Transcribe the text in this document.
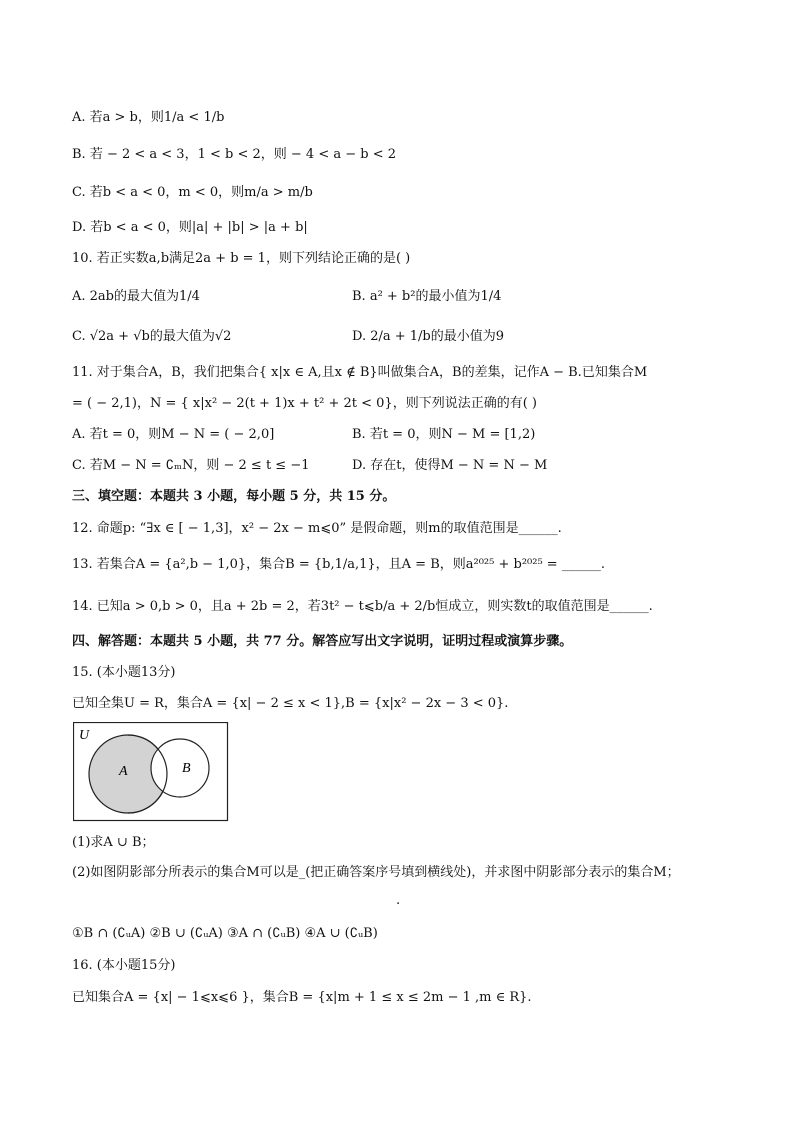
A. 若a > b，则1/a < 1/b
B. 若 − 2 < a < 3，1 < b < 2，则 − 4 < a − b < 2
C. 若b < a < 0，m < 0，则m/a > m/b
D. 若b < a < 0，则|a| + |b| > |a + b|
10. 若正实数a,b满足2a + b = 1，则下列结论正确的是( )
A. 2ab的最大值为1/4	B. a² + b²的最小值为1/4
C. √2a + √b的最大值为√2	D. 2/a + 1/b的最小值为9
11. 对于集合A，B，我们把集合{ x|x ∈ A,且x ∉ B}叫做集合A，B的差集，记作A − B.已知集合M
= ( − 2,1)，N = { x|x² − 2(t + 1)x + t² + 2t < 0}，则下列说法正确的有( )
A. 若t = 0，则M − N = ( − 2,0]	B. 若t = 0，则N − M = [1,2)
C. 若M − N = ∁ₘN，则 − 2 ≤ t ≤ −1	D. 存在t，使得M − N = N − M
三、填空题：本题共 3 小题，每小题 5 分，共 15 分。
12. 命题p: “∃x ∈ [ − 1,3]，x² − 2x − m⩽0” 是假命题，则m的取值范围是______.
13. 若集合A = {a²,b − 1,0}，集合B = {b,1/a,1}，且A = B，则a²⁰²⁵ + b²⁰²⁵ = ______.
14. 已知a > 0,b > 0，且a + 2b = 2，若3t² − t⩽b/a + 2/b恒成立，则实数t的取值范围是______.
四、解答题：本题共 5 小题，共 77 分。解答应写出文字说明，证明过程或演算步骤。
15. (本小题13分)
已知全集U = R，集合A = {x| − 2 ≤ x < 1},B = {x|x² − 2x − 3 < 0}.
U
A	B
(1)求A ∪ B；
(2)如图阴影部分所表示的集合M可以是_(把正确答案序号填到横线处)，并求图中阴影部分表示的集合M；
.
①B ∩ (∁ᵤA) ②B ∪ (∁ᵤA) ③A ∩ (∁ᵤB) ④A ∪ (∁ᵤB)
16. (本小题15分)
已知集合A = {x| − 1⩽x⩽6 }，集合B = {x|m + 1 ≤ x ≤ 2m − 1 ,m ∈ R}.
